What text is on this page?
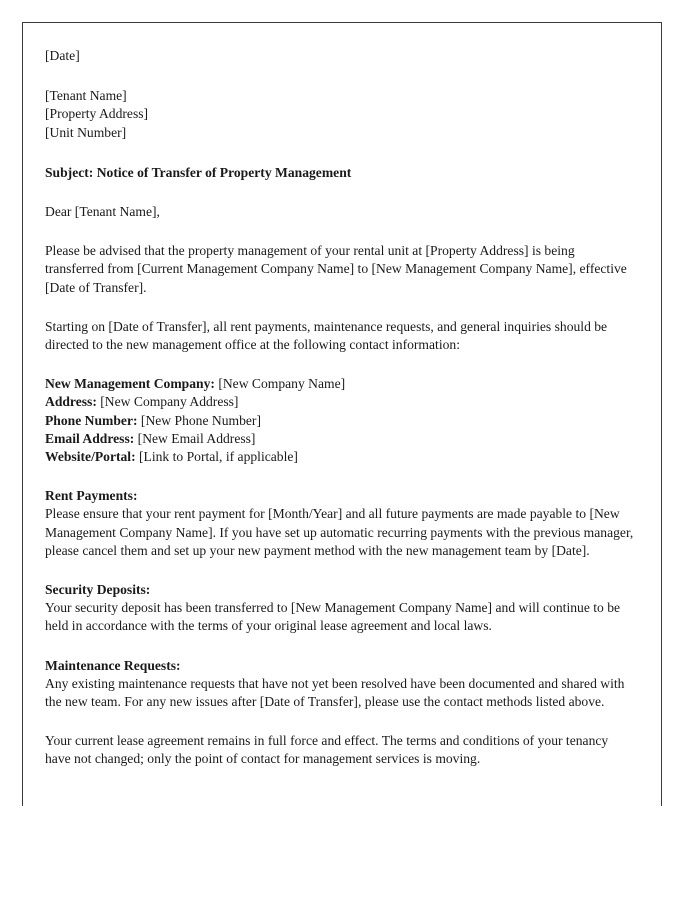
[Date]
[Tenant Name]
[Property Address]
[Unit Number]
Subject: Notice of Transfer of Property Management
Dear [Tenant Name],
Please be advised that the property management of your rental unit at [Property Address] is being transferred from [Current Management Company Name] to [New Management Company Name], effective [Date of Transfer].
Starting on [Date of Transfer], all rent payments, maintenance requests, and general inquiries should be directed to the new management office at the following contact information:
New Management Company: [New Company Name]
Address: [New Company Address]
Phone Number: [New Phone Number]
Email Address: [New Email Address]
Website/Portal: [Link to Portal, if applicable]
Rent Payments:
Please ensure that your rent payment for [Month/Year] and all future payments are made payable to [New Management Company Name]. If you have set up automatic recurring payments with the previous manager, please cancel them and set up your new payment method with the new management team by [Date].
Security Deposits:
Your security deposit has been transferred to [New Management Company Name] and will continue to be held in accordance with the terms of your original lease agreement and local laws.
Maintenance Requests:
Any existing maintenance requests that have not yet been resolved have been documented and shared with the new team. For any new issues after [Date of Transfer], please use the contact methods listed above.
Your current lease agreement remains in full force and effect. The terms and conditions of your tenancy have not changed; only the point of contact for management services is moving.
